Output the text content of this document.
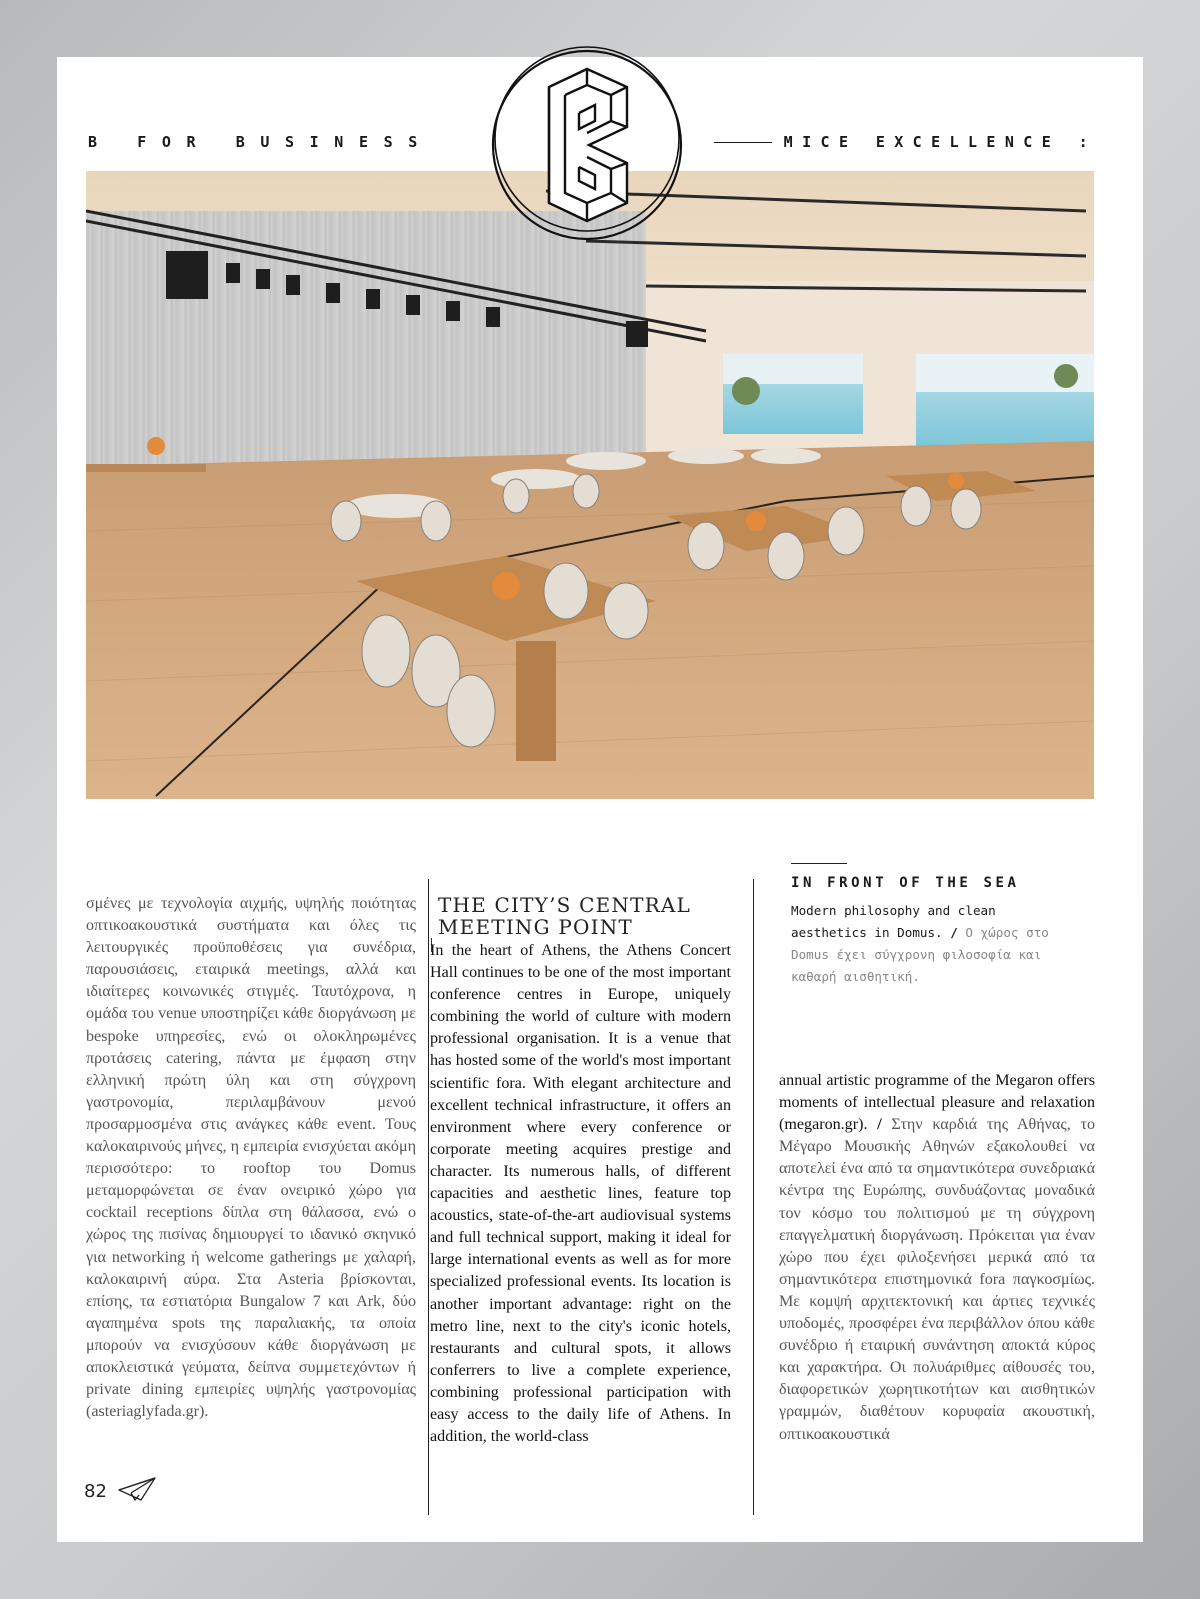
B FOR BUSINESS	MICE EXCELLENCE :
IN FRONT OF THE SEA
Modern philosophy and clean aesthetics in Domus. / Ο χώρος στο Domus έχει σύγχρονη φιλοσοφία και καθαρή αισθητική.

σμένες με τεχνολογία αιχμής, υψηλής ποιότητας οπτικοακουστικά συστήματα και όλες τις λειτουργικές προϋποθέσεις για συνέδρια, παρουσιάσεις, εταιρικά meetings, αλλά και ιδιαίτερες κοινωνικές στιγμές. Ταυτόχρονα, η ομάδα του venue υποστηρίζει κάθε διοργάνωση με bespoke υπηρεσίες, ενώ οι ολοκληρωμένες προτάσεις catering, πάντα με έμφαση στην ελληνική πρώτη ύλη και στη σύγχρονη γαστρονομία, περιλαμβάνουν μενού προσαρμοσμένα στις ανάγκες κάθε event. Τους καλοκαιρινούς μήνες, η εμπειρία ενισχύεται ακόμη περισσότερο: το rooftop του Domus μεταμορφώνεται σε έναν ονειρικό χώρο για cocktail receptions δίπλα στη θάλασσα, ενώ ο χώρος της πισίνας δημιουργεί το ιδανικό σκηνικό για networking ή welcome gatherings με χαλαρή, καλοκαιρινή αύρα. Στα Asteria βρίσκονται, επίσης, τα εστιατόρια Bungalow 7 και Ark, δύο αγαπημένα spots της παραλιακής, τα οποία μπορούν να ενισχύσουν κάθε διοργάνωση με αποκλειστικά γεύματα, δείπνα συμμετεχόντων ή private dining εμπειρίες υψηλής γαστρονομίας (asteriaglyfada.gr).

THE CITY’S CENTRAL MEETING POINT

In the heart of Athens, the Athens Concert Hall continues to be one of the most important conference centres in Europe, uniquely combining the world of culture with modern professional organisation. It is a venue that has hosted some of the world's most important scientific fora. With elegant architecture and excellent technical infrastructure, it offers an environment where every conference or corporate meeting acquires prestige and character. Its numerous halls, of different capacities and aesthetic lines, feature top acoustics, state-of-the-art audiovisual systems and full technical support, making it ideal for large international events as well as for more specialized professional events. Its location is another important advantage: right on the metro line, next to the city's iconic hotels, restaurants and cultural spots, it allows conferrers to live a complete experience, combining professional participation with easy access to the daily life of Athens. In addition, the world-class

annual artistic programme of the Megaron offers moments of intellectual pleasure and relaxation (megaron.gr). / Στην καρδιά της Αθήνας, το Μέγαρο Μουσικής Αθηνών εξακολουθεί να αποτελεί ένα από τα σημαντικότερα συνεδριακά κέντρα της Ευρώπης, συνδυάζοντας μοναδικά τον κόσμο του πολιτισμού με τη σύγχρονη επαγγελματική διοργάνωση. Πρόκειται για έναν χώρο που έχει φιλοξενήσει μερικά από τα σημαντικότερα επιστημονικά fora παγκοσμίως. Με κομψή αρχιτεκτονική και άρτιες τεχνικές υποδομές, προσφέρει ένα περιβάλλον όπου κάθε συνέδριο ή εταιρική συνάντηση αποκτά κύρος και χαρακτήρα. Οι πολυάριθμες αίθουσές του, διαφορετικών χωρητικοτήτων και αισθητικών γραμμών, διαθέτουν κορυφαία ακουστική, οπτικοακουστικά

82
